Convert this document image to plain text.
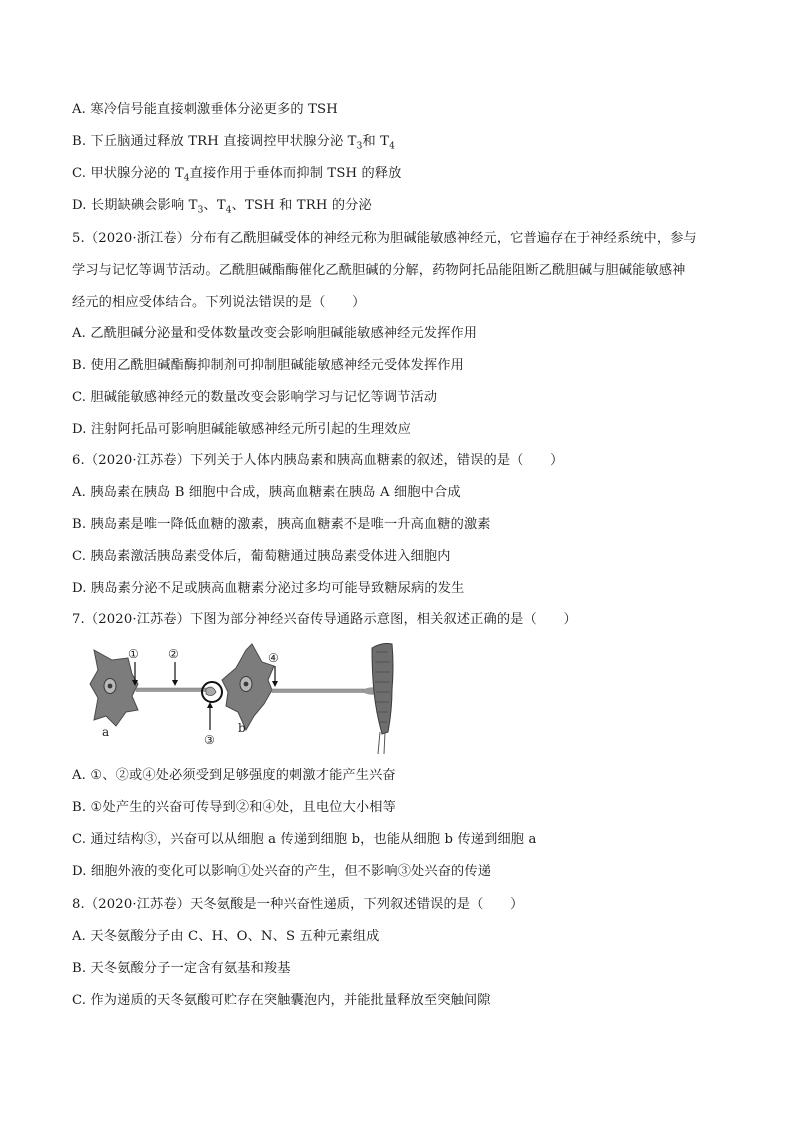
A. 寒冷信号能直接刺激垂体分泌更多的 TSH
B. 下丘脑通过释放 TRH 直接调控甲状腺分泌 $T_3$和 $T_4$
C. 甲状腺分泌的 $T_4$直接作用于垂体而抑制 TSH 的释放
D. 长期缺碘会影响 $T_3$、$T_4$、TSH 和 TRH 的分泌
5.（2020·浙江卷）分布有乙酰胆碱受体的神经元称为胆碱能敏感神经元，它普遍存在于神经系统中，参与
学习与记忆等调节活动。乙酰胆碱酯酶催化乙酰胆碱的分解，药物阿托品能阻断乙酰胆碱与胆碱能敏感神
经元的相应受体结合。下列说法错误的是（　　）
A. 乙酰胆碱分泌量和受体数量改变会影响胆碱能敏感神经元发挥作用
B. 使用乙酰胆碱酯酶抑制剂可抑制胆碱能敏感神经元受体发挥作用
C. 胆碱能敏感神经元的数量改变会影响学习与记忆等调节活动
D. 注射阿托品可影响胆碱能敏感神经元所引起的生理效应
6.（2020·江苏卷）下列关于人体内胰岛素和胰高血糖素的叙述，错误的是（　　）
A. 胰岛素在胰岛 B 细胞中合成，胰高血糖素在胰岛 A 细胞中合成
B. 胰岛素是唯一降低血糖的激素，胰高血糖素不是唯一升高血糖的激素
C. 胰岛素激活胰岛素受体后，葡萄糖通过胰岛素受体进入细胞内
D. 胰岛素分泌不足或胰高血糖素分泌过多均可能导致糖尿病的发生
7.（2020·江苏卷）下图为部分神经兴奋传导通路示意图，相关叙述正确的是（　　）
a	b
① ②
③
④
A. ①、②或④处必须受到足够强度的刺激才能产生兴奋
B. ①处产生的兴奋可传导到②和④处，且电位大小相等
C. 通过结构③，兴奋可以从细胞 a 传递到细胞 b，也能从细胞 b 传递到细胞 a
D. 细胞外液的变化可以影响①处兴奋的产生，但不影响③处兴奋的传递
8.（2020·江苏卷）天冬氨酸是一种兴奋性递质，下列叙述错误的是（　　）
A. 天冬氨酸分子由 C、H、O、N、S 五种元素组成
B. 天冬氨酸分子一定含有氨基和羧基
C. 作为递质的天冬氨酸可贮存在突触囊泡内，并能批量释放至突触间隙
